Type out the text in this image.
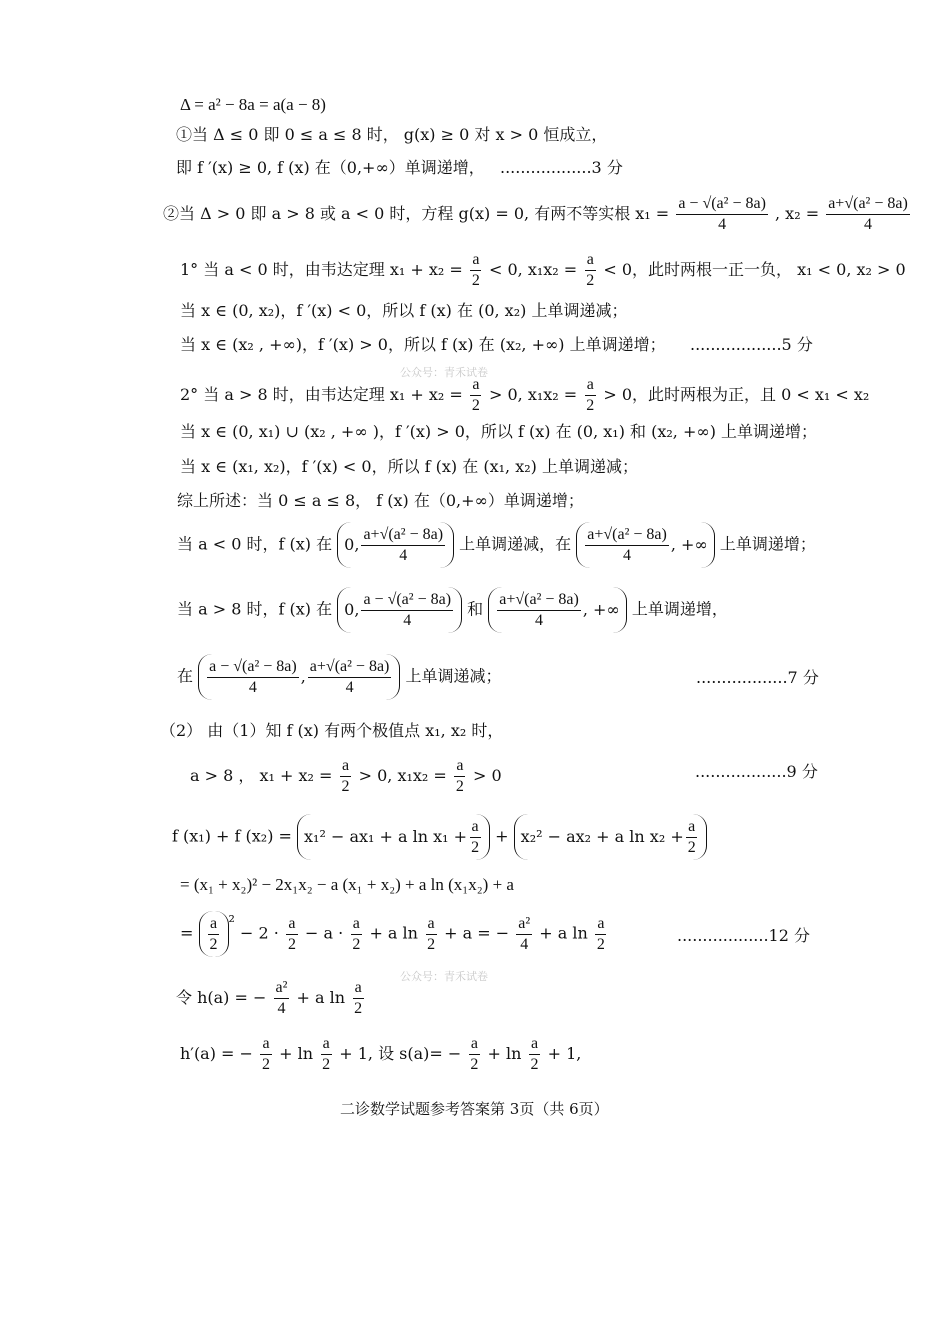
Δ = a² − 8a = a(a − 8)
①当 Δ ≤ 0 即 0 ≤ a ≤ 8 时， g(x) ≥ 0 对 x > 0 恒成立，
即 f ′(x) ≥ 0, f (x) 在（0,+∞）单调递增， ..................3 分
②当 Δ > 0 即 a > 8 或 a < 0 时，方程 g(x) = 0, 有两不等实根 $x_1 = \frac{\text{a − √(a² − 8a)}}{4}$ , $x_2 = \frac{\text{a+√(a² − 8a)}}{4}$
1° 当 a < 0 时，由韦达定理 $x_1 + x_2 = \frac{a}{2} < 0$, $x_1x_2 = \frac{a}{2} < 0$，此时两根一正一负， x₁ < 0, x₂ > 0
当 x ∈ (0, x₂)，f ′(x) < 0，所以 f (x) 在 (0, x₂) 上单调递减；
当 x ∈ (x₂ , +∞)，f ′(x) > 0，所以 f (x) 在 (x₂, +∞) 上单调递增； ..................5 分
公众号：青禾试卷
2° 当 a > 8 时，由韦达定理 $x_1 + x_2 = \frac{a}{2} > 0$, $x_1x_2 = \frac{a}{2} > 0$，此时两根为正，且 0 < x₁ < x₂
当 x ∈ (0, x₁) ∪ (x₂ , +∞ )，f ′(x) > 0，所以 f (x) 在 (0, x₁) 和 (x₂, +∞) 上单调递增；
当 x ∈ (x₁, x₂)，f ′(x) < 0，所以 f (x) 在 (x₁, x₂) 上单调递减；
综上所述：当 0 ≤ a ≤ 8， f (x) 在（0,+∞）单调递增；
当 a < 0 时，f (x) 在 0, $\frac{\text{a+√(a² − 8a)}}{4}$ 上单调递减，在 $\frac{\text{a+√(a² − 8a)}}{4}$ , +∞ 上单调递增；
当 a > 8 时，f (x) 在 0, $\frac{\text{a − √(a² − 8a)}}{4}$ 和 $\frac{\text{a+√(a² − 8a)}}{4}$ , +∞ 上单调递增，
在 $\frac{\text{a − √(a² − 8a)}}{4}$ , $\frac{\text{a+√(a² − 8a)}}{4}$ 上单调递减；	..................7 分
（2） 由（1）知 f (x) 有两个极值点 x₁, x₂ 时，
a > 8 ， $x_1 + x_2 = \frac{a}{2} > 0$, $x_1x_2 = \frac{a}{2} > 0$	..................9 分
f (x₁) + f (x₂) = x₁² − ax₁ + a $\ln x_1 + \frac{a}{2} + x_2^2 - ax_2 + a$ $\ln x_2 + \frac{a}{2}$
= (x₁ + x₂)² − 2x₁x₂ − a (x₁ + x₂) + a ln (x₁x₂) + a
= $\frac{a}{2} ^2 - 2 \cdot \frac{a}{2} - a \cdot \frac{a}{2} + a$ $\ln \frac{a}{2} + a$ = − $\frac{\text{a²}}{4} + a$ $\ln \frac{a}{2}$	..................12 分
公众号：青禾试卷
令 h(a) = − $\frac{\text{a²}}{4} + a$ $\ln \frac{a}{2}$
h′(a) = − $\frac{a}{2} + \ln \frac{a}{2} + 1$, 设 $s(a)= - \frac{a}{2} + \ln \frac{a}{2} + 1$,
二诊数学试题参考答案第 3页（共 6页）
